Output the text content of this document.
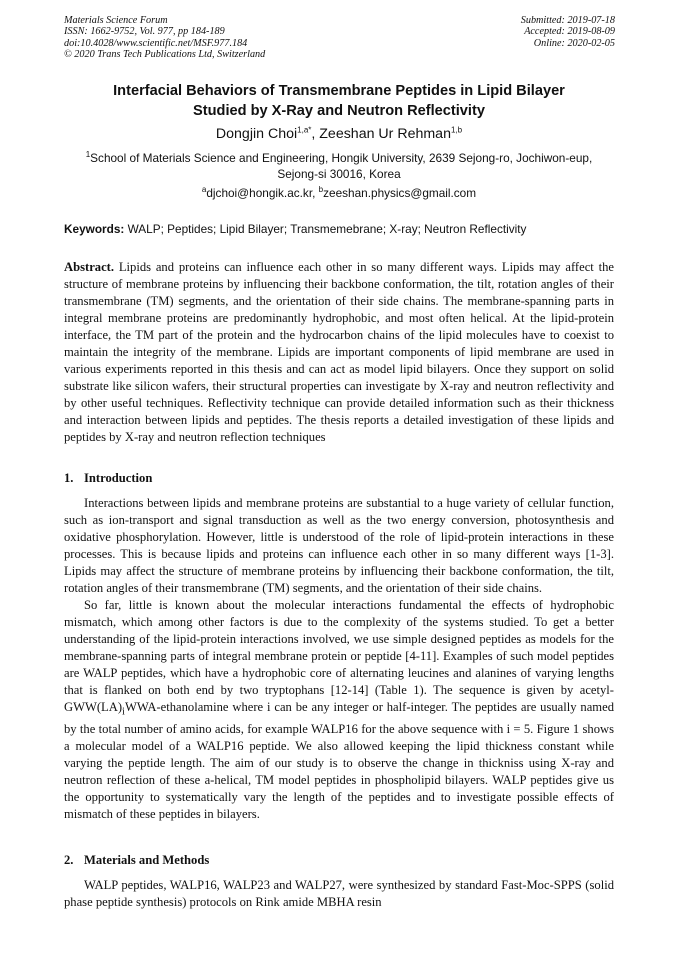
Materials Science Forum
ISSN: 1662-9752, Vol. 977, pp 184-189
doi:10.4028/www.scientific.net/MSF.977.184
© 2020 Trans Tech Publications Ltd, Switzerland
Submitted: 2019-07-18
Accepted: 2019-08-09
Online: 2020-02-05
Interfacial Behaviors of Transmembrane Peptides in Lipid Bilayer
Studied by X-Ray and Neutron Reflectivity
Dongjin Choi$^{1,a*}$, Zeeshan Ur Rehman$^{1,b}$
$^1$School of Materials Science and Engineering, Hongik University, 2639 Sejong-ro, Jochiwon-eup, Sejong-si 30016, Korea
$^a$djchoi@hongik.ac.kr, $^b$zeeshan.physics@gmail.com
Keywords: WALP; Peptides; Lipid Bilayer; Transmemebrane; X-ray; Neutron Reflectivity
Abstract. Lipids and proteins can influence each other in so many different ways. Lipids may affect the structure of membrane proteins by influencing their backbone conformation, the tilt, rotation angles of their transmembrane (TM) segments, and the orientation of their side chains. The membrane-spanning parts in integral membrane proteins are predominantly hydrophobic, and most often helical. At the lipid-protein interface, the TM part of the protein and the hydrocarbon chains of the lipid molecules have to coexist to maintain the integrity of the membrane. Lipids are important components of lipid membrane are used in various experiments reported in this thesis and can act as model lipid bilayers. Once they support on solid substrate like silicon wafers, their structural properties can investigate by X-ray and neutron reflectivity and by other useful techniques. Reflectivity technique can provide detailed information such as their thickness and interaction between lipids and peptides. The thesis reports a detailed investigation of these lipids and peptides by X-ray and neutron reflection techniques
1. Introduction

Interactions between lipids and membrane proteins are substantial to a huge variety of cellular function, such as ion-transport and signal transduction as well as the two energy conversion, photosynthesis and oxidative phosphorylation. However, little is understood of the role of lipid-protein interactions in these processes. This is because lipids and proteins can influence each other in so many different ways [1-3]. Lipids may affect the structure of membrane proteins by influencing their backbone conformation, the tilt, rotation angles of their transmembrane (TM) segments, and the orientation of their side chains.

So far, little is known about the molecular interactions fundamental the effects of hydrophobic mismatch, which among other factors is due to the complexity of the systems studied. To get a better understanding of the lipid-protein interactions involved, we use simple designed peptides as models for the membrane-spanning parts of integral membrane protein or peptide [4-11]. Examples of such model peptides are WALP peptides, which have a hydrophobic core of alternating leucines and alanines of varying lengths that is flanked on both end by two tryptophans [12-14] (Table 1). The sequence is given by acetyl-$GWW(LA)_iWWA$-ethanolamine where i can be any integer or half-integer. The peptides are usually named by the total number of amino acids, for example WALP16 for the above sequence with i = 5. Figure 1 shows a molecular model of a WALP16 peptide. We also allowed keeping the lipid thickness constant while varying the peptide length. The aim of our study is to observe the change in thickniss using X-ray and neutron reflection of these a-helical, TM model peptides in phospholipid bilayers. WALP peptides give us the opportunity to systematically vary the length of the peptides and to investigate possible effects of mismatch of these peptides in bilayers.

2. Materials and Methods

WALP peptides, WALP16, WALP23 and WALP27, were synthesized by standard Fast-Moc-SPPS (solid phase peptide synthesis) protocols on Rink amide MBHA resin
